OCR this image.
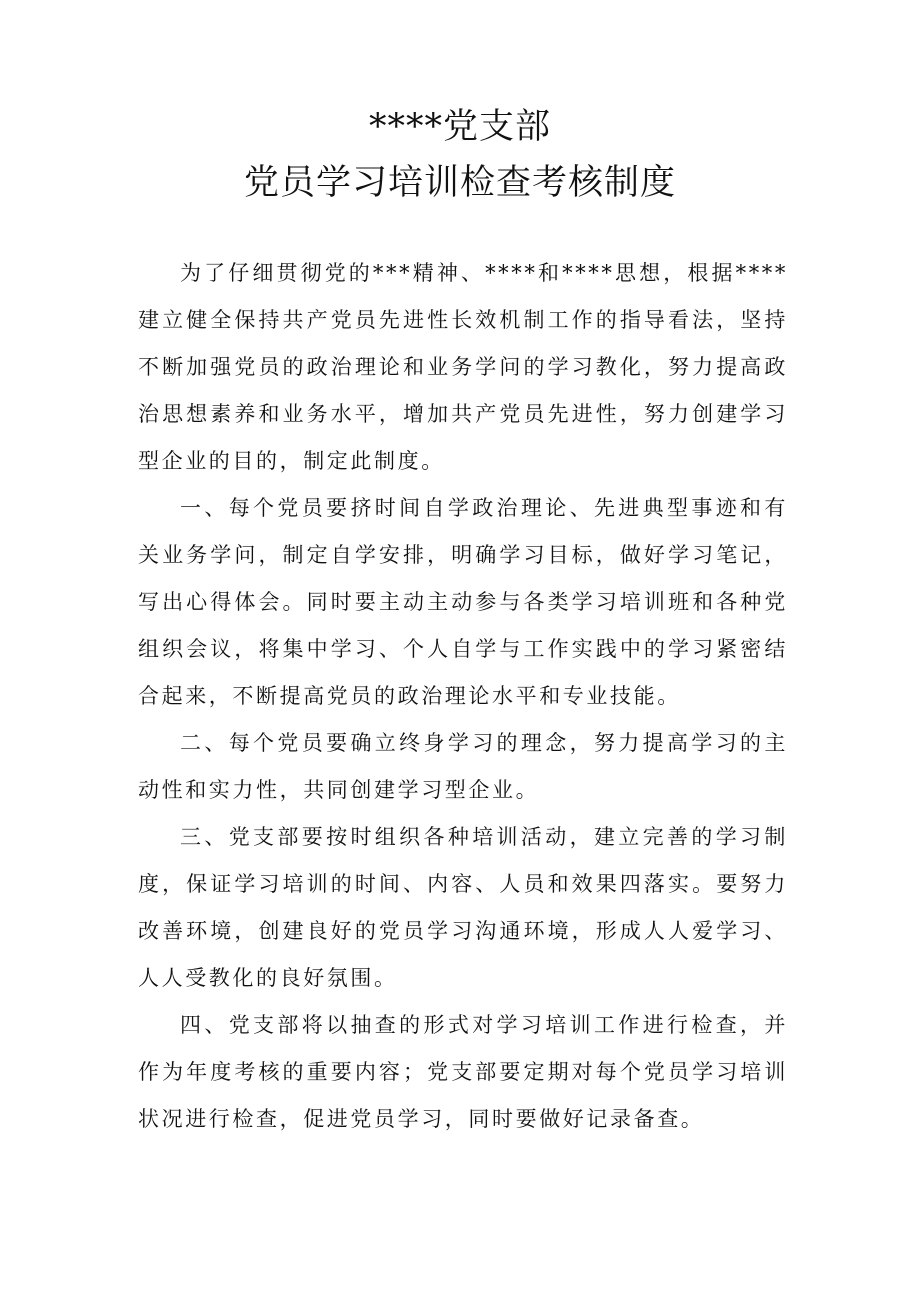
****党支部
党员学习培训检查考核制度

为了仔细贯彻党的***精神、****和****思想，根据****建立健全保持共产党员先进性长效机制工作的指导看法，坚持不断加强党员的政治理论和业务学问的学习教化，努力提高政治思想素养和业务水平，增加共产党员先进性，努力创建学习型企业的目的，制定此制度。

一、每个党员要挤时间自学政治理论、先进典型事迹和有关业务学问，制定自学安排，明确学习目标，做好学习笔记，写出心得体会。同时要主动主动参与各类学习培训班和各种党组织会议，将集中学习、个人自学与工作实践中的学习紧密结合起来，不断提高党员的政治理论水平和专业技能。

二、每个党员要确立终身学习的理念，努力提高学习的主动性和实力性，共同创建学习型企业。

三、党支部要按时组织各种培训活动，建立完善的学习制度，保证学习培训的时间、内容、人员和效果四落实。要努力改善环境，创建良好的党员学习沟通环境，形成人人爱学习、人人受教化的良好氛围。

四、党支部将以抽查的形式对学习培训工作进行检查，并作为年度考核的重要内容；党支部要定期对每个党员学习培训状况进行检查，促进党员学习，同时要做好记录备查。
